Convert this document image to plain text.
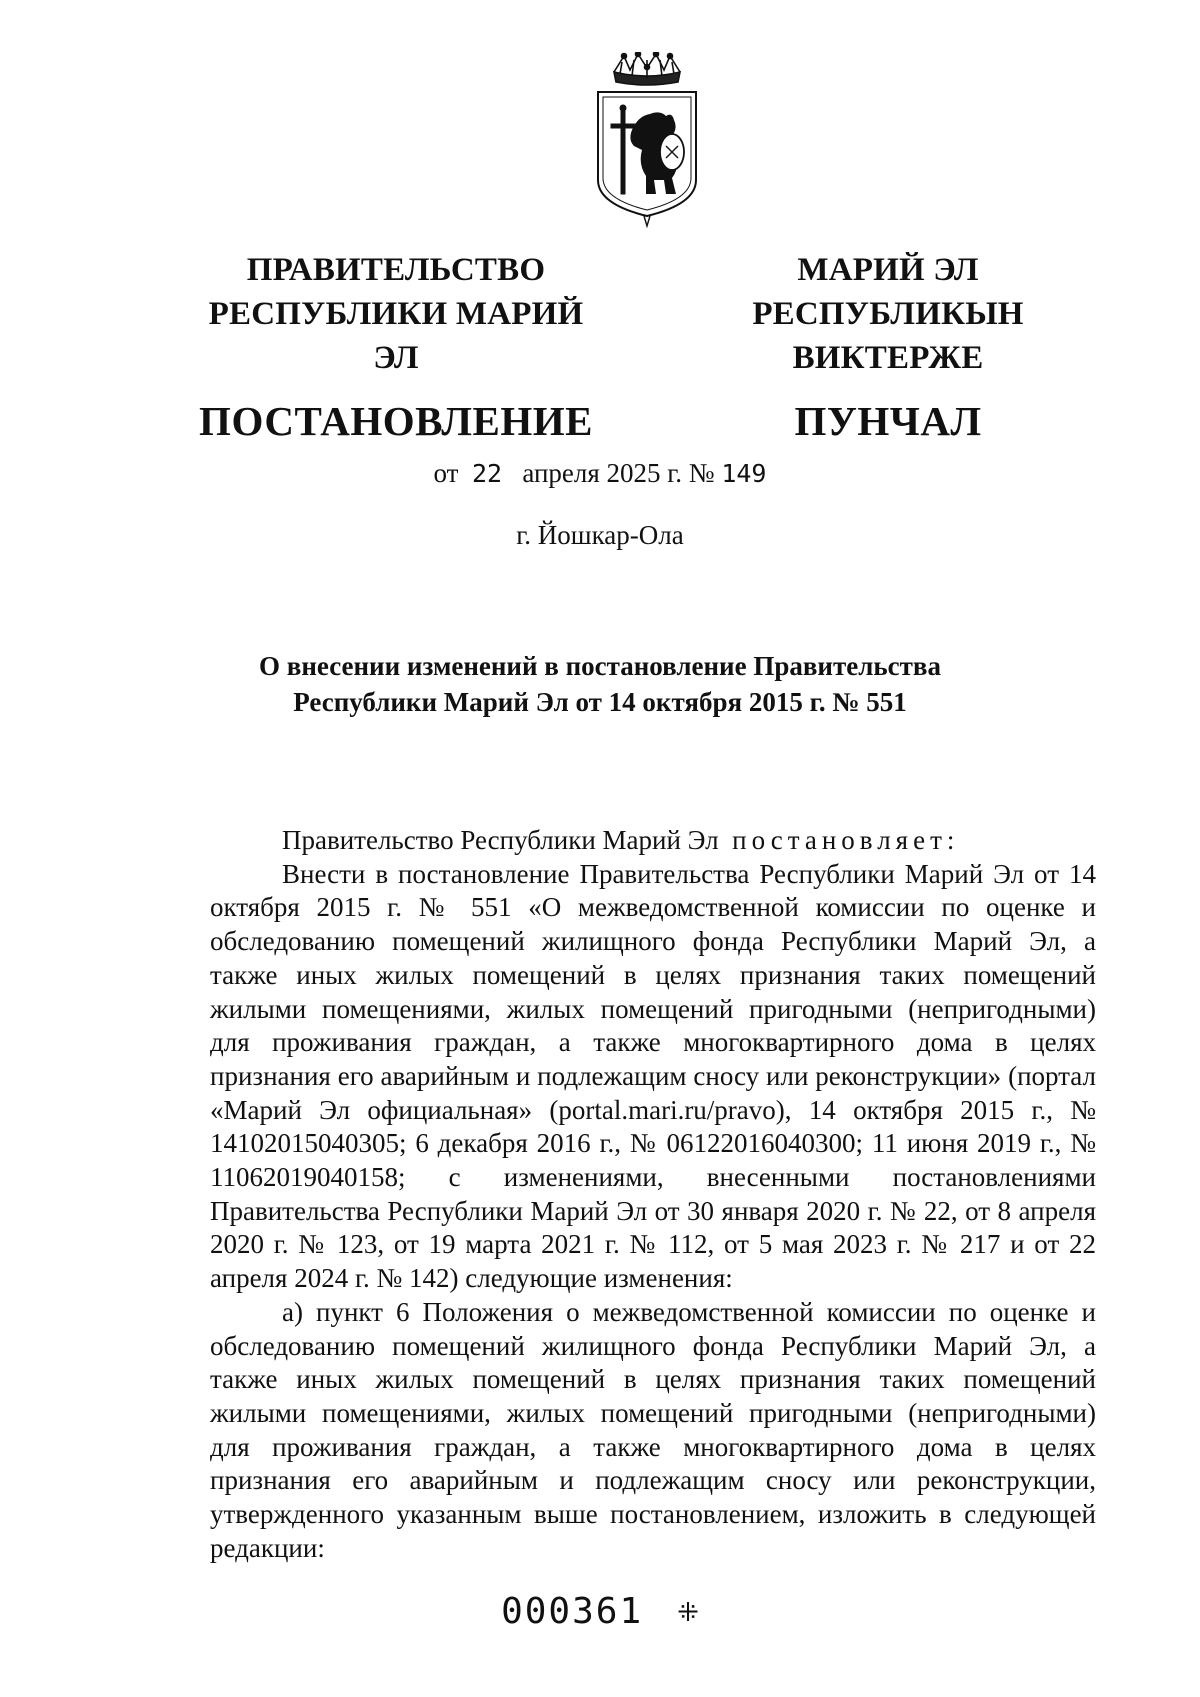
ПРАВИТЕЛЬСТВО
РЕСПУБЛИКИ МАРИЙ ЭЛ
ПОСТАНОВЛЕНИЕ
МАРИЙ ЭЛ РЕСПУБЛИКЫН
ВИКТЕРЖЕ
ПУНЧАЛ
от 22 апреля 2025 г. № 149
г. Йошкар-Ола
О внесении изменений в постановление Правительства
Республики Марий Эл от 14 октября 2015 г. № 551

Правительство Республики Марий Эл постановляет:

Внести в постановление Правительства Республики Марий Эл от 14 октября 2015 г. № 551 «О межведомственной комиссии по оценке и обследованию помещений жилищного фонда Республики Марий Эл, а также иных жилых помещений в целях признания таких помещений жилыми помещениями, жилых помещений пригодными (непригодными) для проживания граждан, а также многоквартирного дома в целях признания его аварийным и подлежащим сносу или реконструкции» (портал «Марий Эл официальная» (portal.mari.ru/pravo), 14 октября 2015 г., № 14102015040305; 6 декабря 2016 г., № 06122016040300; 11 июня 2019 г., № 11062019040158; с изменениями, внесенными постановлениями Правительства Республики Марий Эл от 30 января 2020 г. № 22, от 8 апреля 2020 г. № 123, от 19 марта 2021 г. № 112, от 5 мая 2023 г. № 217 и от 22 апреля 2024 г. № 142) следующие изменения:

а) пункт 6 Положения о межведомственной комиссии по оценке и обследованию помещений жилищного фонда Республики Марий Эл, а также иных жилых помещений в целях признания таких помещений жилыми помещениями, жилых помещений пригодными (непригодными) для проживания граждан, а также многоквартирного дома в целях признания его аварийным и подлежащим сносу или реконструкции, утвержденного указанным выше постановлением, изложить в следующей редакции:

000361 ⁜
